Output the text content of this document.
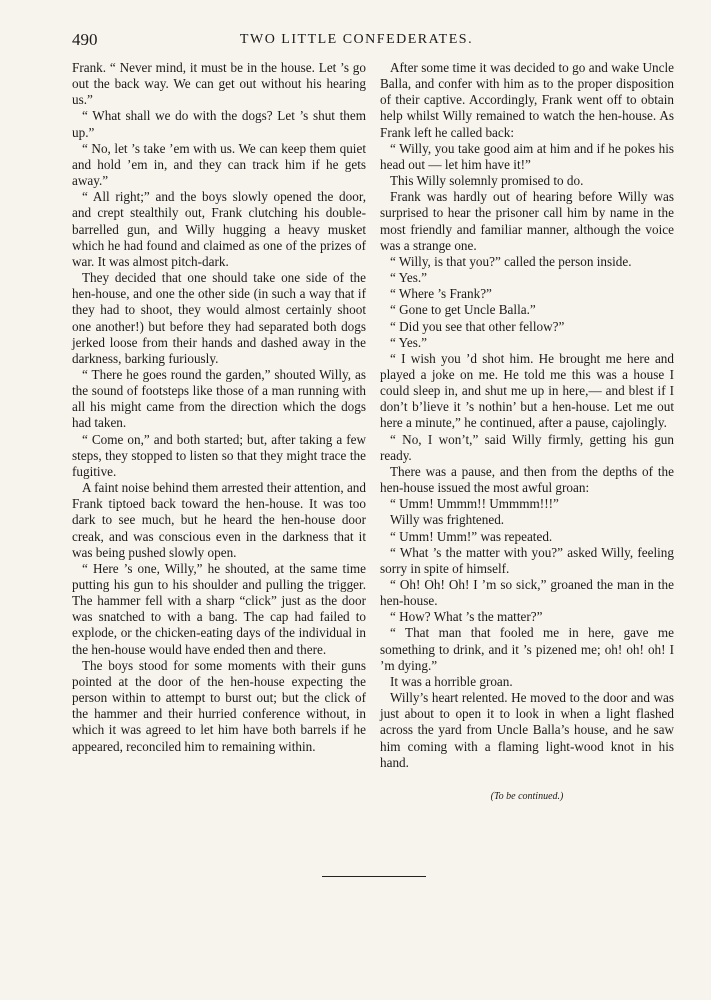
490	TWO LITTLE CONFEDERATES.

Frank. “ Never mind, it must be in the house. Let ’s go out the back way. We can get out without his hearing us.”

“ What shall we do with the dogs? Let ’s shut them up.”

“ No, let ’s take ’em with us. We can keep them quiet and hold ’em in, and they can track him if he gets away.”

“ All right;” and the boys slowly opened the door, and crept stealthily out, Frank clutching his double-barrelled gun, and Willy hugging a heavy musket which he had found and claimed as one of the prizes of war. It was almost pitch-dark.

They decided that one should take one side of the hen-house, and one the other side (in such a way that if they had to shoot, they would almost certainly shoot one another!) but before they had separated both dogs jerked loose from their hands and dashed away in the darkness, barking furiously.

“ There he goes round the garden,” shouted Willy, as the sound of footsteps like those of a man running with all his might came from the direction which the dogs had taken.

“ Come on,” and both started; but, after taking a few steps, they stopped to listen so that they might trace the fugitive.

A faint noise behind them arrested their attention, and Frank tiptoed back toward the hen-house. It was too dark to see much, but he heard the hen-house door creak, and was conscious even in the darkness that it was being pushed slowly open.

“ Here ’s one, Willy,” he shouted, at the same time putting his gun to his shoulder and pulling the trigger. The hammer fell with a sharp “click” just as the door was snatched to with a bang. The cap had failed to explode, or the chicken-eating days of the individual in the hen-house would have ended then and there.

The boys stood for some moments with their guns pointed at the door of the hen-house expecting the person within to attempt to burst out; but the click of the hammer and their hurried conference without, in which it was agreed to let him have both barrels if he appeared, reconciled him to remaining within.

After some time it was decided to go and wake Uncle Balla, and confer with him as to the proper disposition of their captive. Accordingly, Frank went off to obtain help whilst Willy remained to watch the hen-house. As Frank left he called back:

“ Willy, you take good aim at him and if he pokes his head out — let him have it!”

This Willy solemnly promised to do.

Frank was hardly out of hearing before Willy was surprised to hear the prisoner call him by name in the most friendly and familiar manner, although the voice was a strange one.

“ Willy, is that you?” called the person inside.

“ Yes.”

“ Where ’s Frank?”

“ Gone to get Uncle Balla.”

“ Did you see that other fellow?”

“ Yes.”

“ I wish you ’d shot him. He brought me here and played a joke on me. He told me this was a house I could sleep in, and shut me up in here,— and blest if I don’t b’lieve it ’s nothin’ but a hen-house. Let me out here a minute,” he continued, after a pause, cajolingly.

“ No, I won’t,” said Willy firmly, getting his gun ready.

There was a pause, and then from the depths of the hen-house issued the most awful groan:

“ Umm! Ummm!! Ummmm!!!”

Willy was frightened.

“ Umm! Umm!” was repeated.

“ What ’s the matter with you?” asked Willy, feeling sorry in spite of himself.

“ Oh! Oh! Oh! I ’m so sick,” groaned the man in the hen-house.

“ How? What ’s the matter?”

“ That man that fooled me in here, gave me something to drink, and it ’s pizened me; oh! oh! oh! I ’m dying.”

It was a horrible groan.

Willy’s heart relented. He moved to the door and was just about to open it to look in when a light flashed across the yard from Uncle Balla’s house, and he saw him coming with a flaming light-wood knot in his hand.

(To be continued.)
